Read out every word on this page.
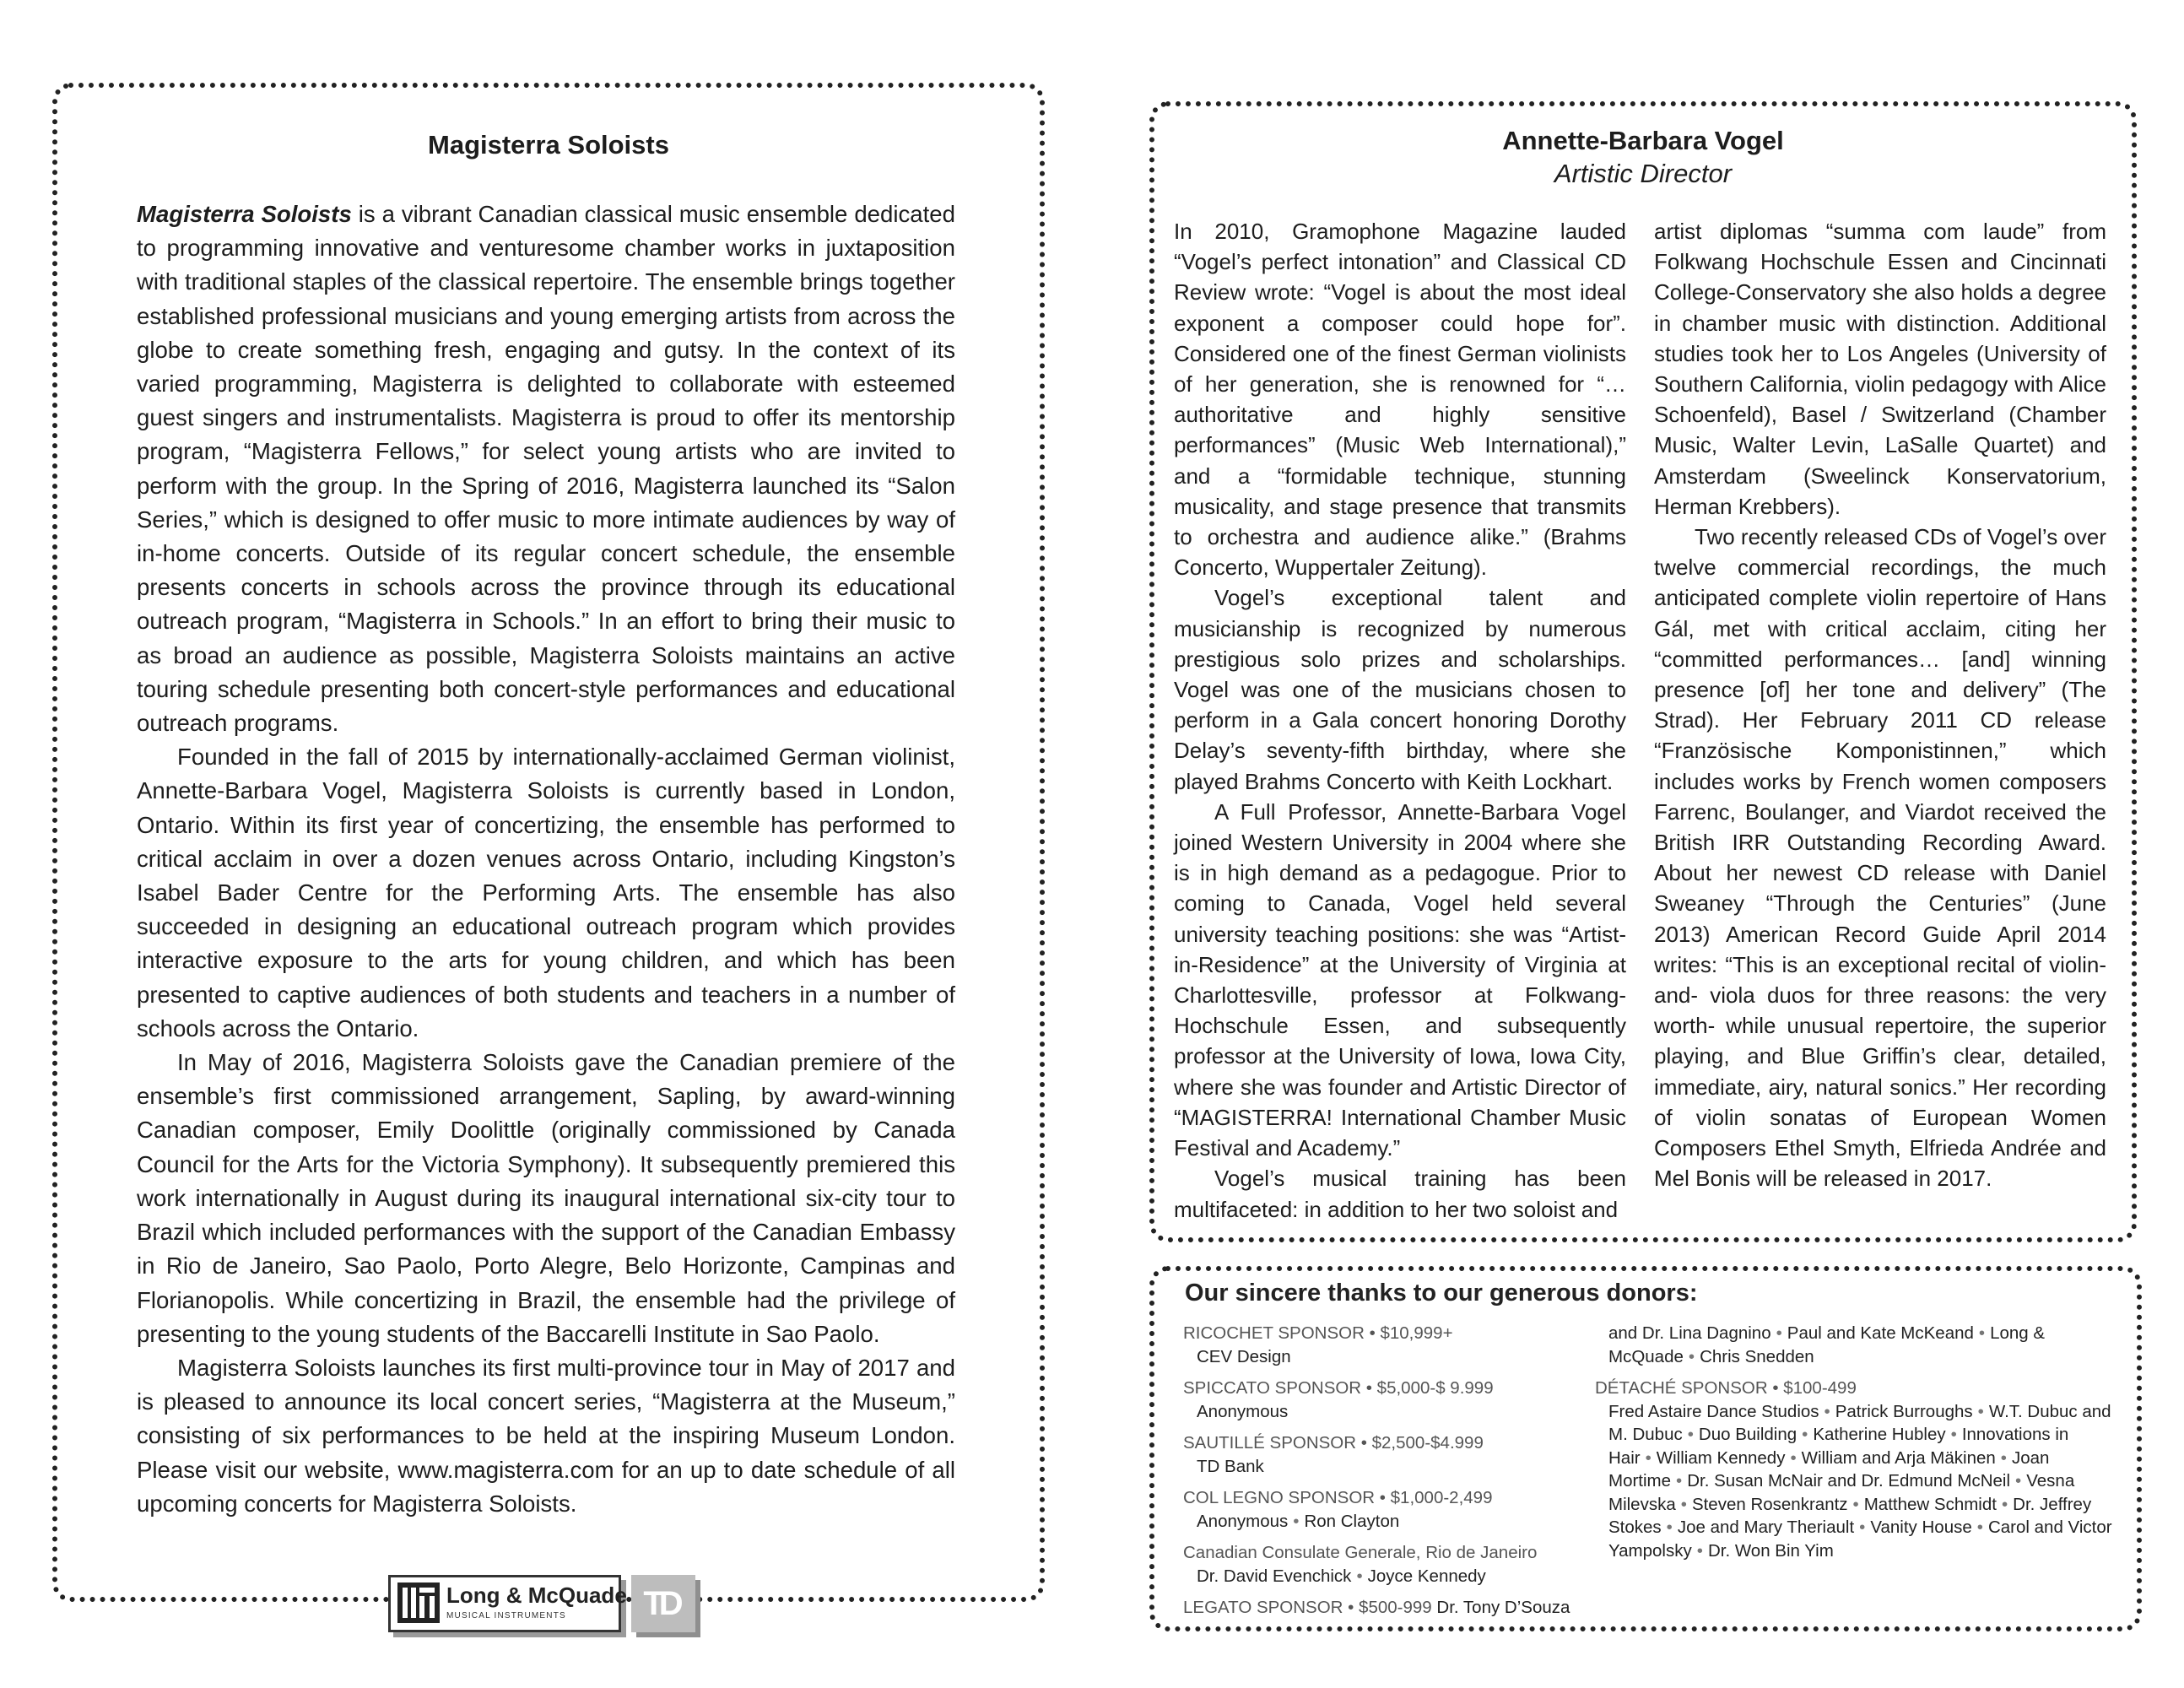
Magisterra Soloists

Magisterra Soloists is a vibrant Canadian classical music ensemble dedicated to programming innovative and venturesome chamber works in juxtaposition with traditional staples of the classical repertoire. The ensemble brings together established professional musicians and young emerging artists from across the globe to create something fresh, engaging and gutsy. In the context of its varied programming, Magisterra is delighted to collaborate with esteemed guest singers and instrumentalists. Magisterra is proud to offer its mentorship program, “Magisterra Fellows,” for select young artists who are invited to perform with the group. In the Spring of 2016, Magisterra launched its “Salon Series,” which is designed to offer music to more intimate audiences by way of in-home concerts. Outside of its regular concert schedule, the ensemble presents concerts in schools across the province through its educational outreach program, “Magisterra in Schools.” In an effort to bring their music to as broad an audience as possible, Magisterra Soloists maintains an active touring schedule presenting both concert-style performances and educational outreach programs.

Founded in the fall of 2015 by internationally-acclaimed German violinist, Annette-Barbara Vogel, Magisterra Soloists is currently based in London, Ontario. Within its first year of concertizing, the ensemble has performed to critical acclaim in over a dozen venues across Ontario, including Kingston’s Isabel Bader Centre for the Performing Arts. The ensemble has also succeeded in designing an educational outreach program which provides interactive exposure to the arts for young children, and which has been presented to captive audiences of both students and teachers in a number of schools across the Ontario.

In May of 2016, Magisterra Soloists gave the Canadian premiere of the ensemble’s first commissioned arrangement, Sapling, by award-winning Canadian composer, Emily Doolittle (originally commissioned by Canada Council for the Arts for the Victoria Symphony). It subsequently premiered this work internationally in August during its inaugural international six-city tour to Brazil which included performances with the support of the Canadian Embassy in Rio de Janeiro, Sao Paolo, Porto Alegre, Belo Horizonte, Campinas and Florianopolis. While concertizing in Brazil, the ensemble had the privilege of presenting to the young students of the Baccarelli Institute in Sao Paolo.

Magisterra Soloists launches its first multi-province tour in May of 2017 and is pleased to announce its local concert series, “Magisterra at the Museum,” consisting of six performances to be held at the inspiring Museum London. Please visit our website, www.magisterra.com for an up to date schedule of all upcoming concerts for Magisterra Soloists.

Long & McQuade
MUSICAL INSTRUMENTS TD
Annette-Barbara Vogel
Artistic Director

In 2010, Gramophone Magazine lauded “Vogel’s perfect intonation” and Classical CD Review wrote: “Vogel is about the most ideal exponent a composer could hope for”. Considered one of the finest German violinists of her generation, she is renowned for “… authoritative and highly sensitive performances” (Music Web International),” and a “formidable technique, stunning musicality, and stage presence that transmits to orchestra and audience alike.” (Brahms Concerto, Wuppertaler Zeitung).

Vogel’s exceptional talent and musicianship is recognized by numerous prestigious solo prizes and scholarships. Vogel was one of the musicians chosen to perform in a Gala concert honoring Dorothy Delay’s seventy-fifth birthday, where she played Brahms Concerto with Keith Lockhart.

A Full Professor, Annette-Barbara Vogel joined Western University in 2004 where she is in high demand as a pedagogue. Prior to coming to Canada, Vogel held several university teaching positions: she was “Artist- in-Residence” at the University of Virginia at Charlottesville, professor at Folkwang-Hochschule Essen, and subsequently professor at the University of Iowa, Iowa City, where she was founder and Artistic Director of “MAGISTERRA! International Chamber Music Festival and Academy.”

Vogel’s musical training has been multifaceted: in addition to her two soloist and

artist diplomas “summa com laude” from Folkwang Hochschule Essen and Cincinnati College-Conservatory she also holds a degree in chamber music with distinction. Additional studies took her to Los Angeles (University of Southern California, violin pedagogy with Alice Schoenfeld), Basel / Switzerland (Chamber Music, Walter Levin, LaSalle Quartet) and Amsterdam (Sweelinck Konservatorium, Herman Krebbers).

Two recently released CDs of Vogel’s over twelve commercial recordings, the much anticipated complete violin repertoire of Hans Gál, met with critical acclaim, citing her “committed performances… [and] winning presence [of] her tone and delivery” (The Strad). Her February 2011 CD release “Französische Komponistinnen,” which includes works by French women composers Farrenc, Boulanger, and Viardot received the British IRR Outstanding Recording Award. About her newest CD release with Daniel Sweaney “Through the Centuries” (June 2013) American Record Guide April 2014 writes: “This is an exceptional recital of violin-and- viola duos for three reasons: the very worth- while unusual repertoire, the superior playing, and Blue Griffin’s clear, detailed, immediate, airy, natural sonics.” Her recording of violin sonatas of European Women Composers Ethel Smyth, Elfrieda Andrée and Mel Bonis will be released in 2017.

Our sincere thanks to our generous donors:
RICOCHET SPONSOR • $10,999+
CEV Design
SPICCATO SPONSOR • $5,000-$ 9.999
Anonymous
SAUTILLÉ SPONSOR • $2,500-$4.999
TD Bank
COL LEGNO SPONSOR • $1,000-2,499
Anonymous • Ron Clayton
Canadian Consulate Generale, Rio de Janeiro
Dr. David Evenchick • Joyce Kennedy
LEGATO SPONSOR • $500-999 Dr. Tony D’Souza
and Dr. Lina Dagnino • Paul and Kate McKeand • Long & McQuade • Chris Snedden
DÉTACHÉ SPONSOR • $100-499
Fred Astaire Dance Studios • Patrick Burroughs • W.T. Dubuc and M. Dubuc • Duo Building • Katherine Hubley • Innovations in Hair • William Kennedy • William and Arja Mäkinen • Joan Mortime • Dr. Susan McNair and Dr. Edmund McNeil • Vesna Milevska • Steven Rosenkrantz • Matthew Schmidt • Dr. Jeffrey Stokes • Joe and Mary Theriault • Vanity House • Carol and Victor Yampolsky • Dr. Won Bin Yim
